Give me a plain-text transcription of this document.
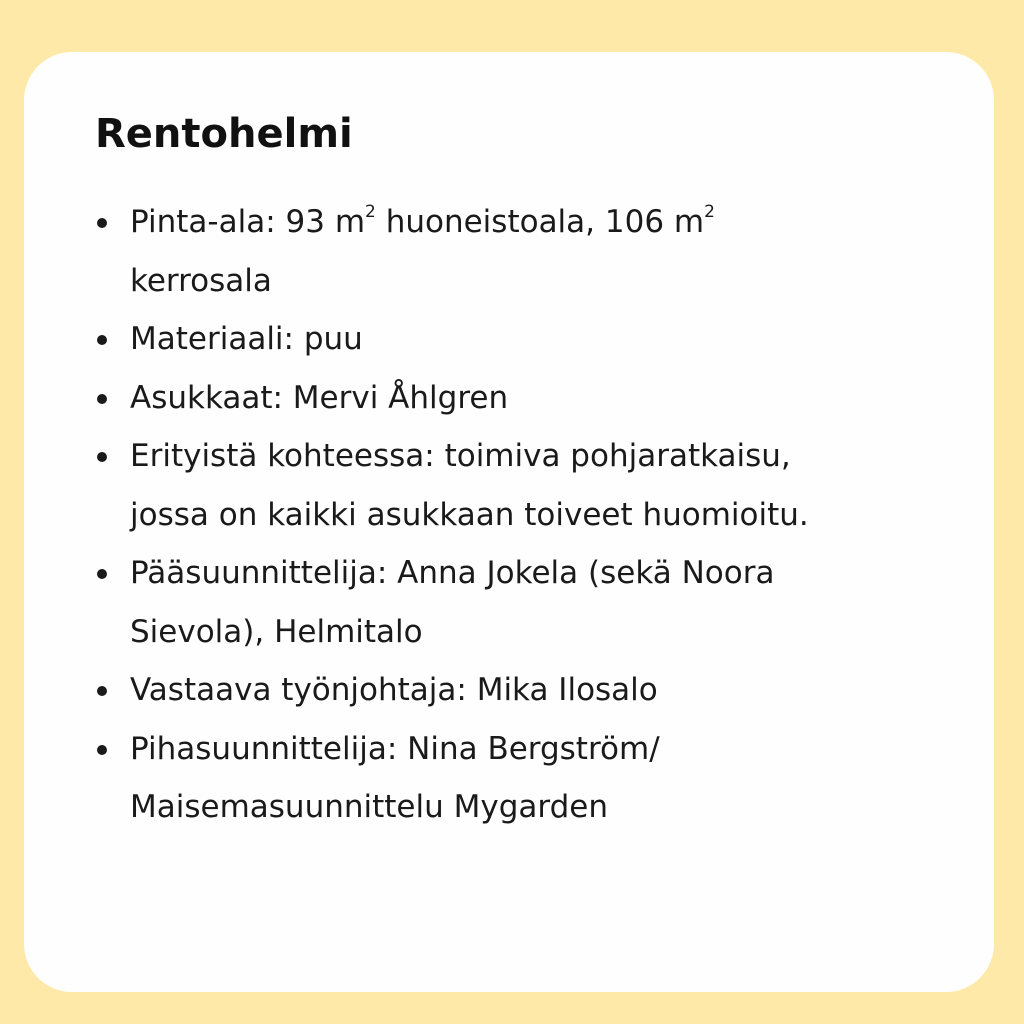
Rentohelmi
Pinta-ala: 93 $m^2$ huoneistoala, 106 $m^2$
kerrosala
Materiaali: puu
Asukkaat: Mervi Åhlgren
Erityistä kohteessa: toimiva pohjaratkaisu,
jossa on kaikki asukkaan toiveet huomioitu.
Pääsuunnittelija: Anna Jokela (sekä Noora
Sievola), Helmitalo
Vastaava työnjohtaja: Mika Ilosalo
Pihasuunnittelija: Nina Bergström/
Maisemasuunnittelu Mygarden
